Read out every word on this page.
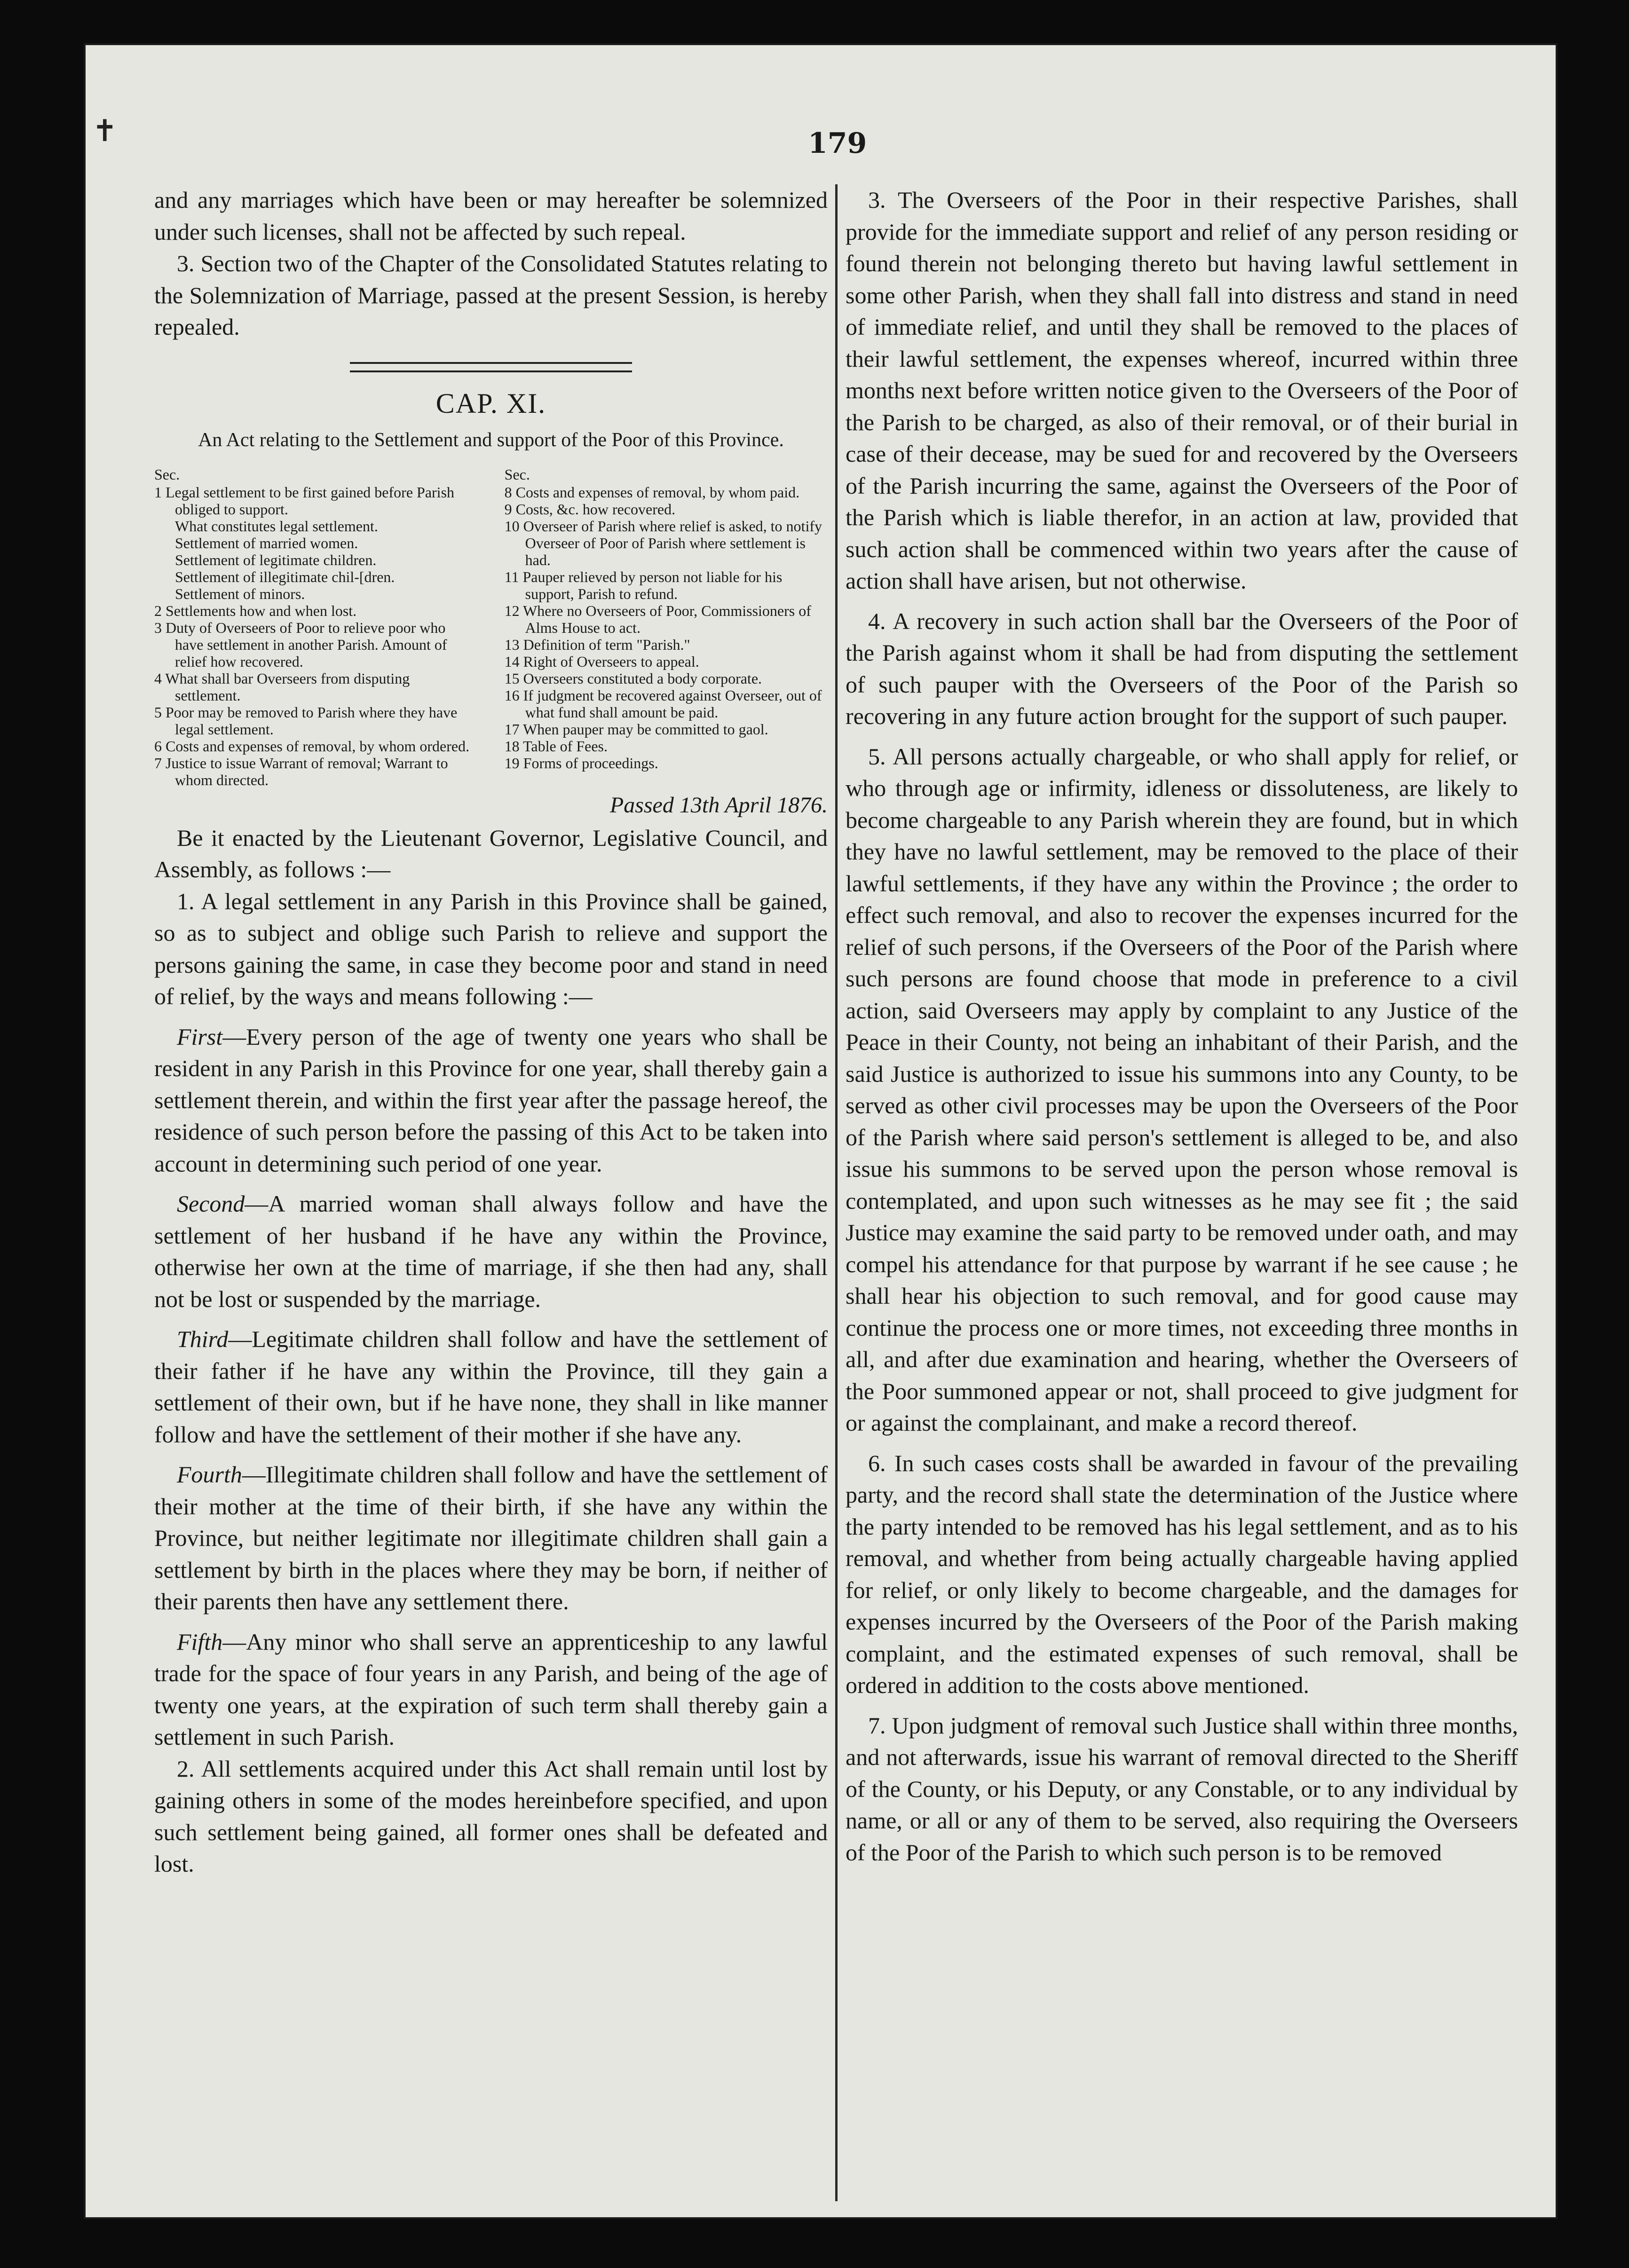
✝	179

and any marriages which have been or may hereafter be solemnized under such licenses, shall not be affected by such repeal.

3. Section two of the Chapter of the Consolidated Statutes relating to the Solemnization of Marriage, passed at the present Session, is hereby repealed.

CAP. XI.
An Act relating to the Settlement and support of the Poor of this Province.
Sec.
1 Legal settlement to be first gained before Parish obliged to support.
What constitutes legal settlement.
Settlement of married women.
Settlement of legitimate children.
Settlement of illegitimate chil-[dren.
Settlement of minors.
2 Settlements how and when lost.
3 Duty of Overseers of Poor to relieve poor who have settlement in another Parish. Amount of relief how recovered.
4 What shall bar Overseers from disputing settlement.
5 Poor may be removed to Parish where they have legal settlement.
6 Costs and expenses of removal, by whom ordered.
7 Justice to issue Warrant of removal; Warrant to whom directed.
Sec.
8 Costs and expenses of removal, by whom paid.
9 Costs, &c. how recovered.
10 Overseer of Parish where relief is asked, to notify Overseer of Poor of Parish where settlement is had.
11 Pauper relieved by person not liable for his support, Parish to refund.
12 Where no Overseers of Poor, Commissioners of Alms House to act.
13 Definition of term "Parish."
14 Right of Overseers to appeal.
15 Overseers constituted a body corporate.
16 If judgment be recovered against Overseer, out of what fund shall amount be paid.
17 When pauper may be committed to gaol.
18 Table of Fees.
19 Forms of proceedings.
Passed 13th April 1876.

Be it enacted by the Lieutenant Governor, Legislative Council, and Assembly, as follows :—

1. A legal settlement in any Parish in this Province shall be gained, so as to subject and oblige such Parish to relieve and support the persons gaining the same, in case they become poor and stand in need of relief, by the ways and means following :—

First—Every person of the age of twenty one years who shall be resident in any Parish in this Province for one year, shall thereby gain a settlement therein, and within the first year after the passage hereof, the residence of such person before the passing of this Act to be taken into account in determining such period of one year.

Second—A married woman shall always follow and have the settlement of her husband if he have any within the Province, otherwise her own at the time of marriage, if she then had any, shall not be lost or suspended by the marriage.

Third—Legitimate children shall follow and have the settlement of their father if he have any within the Province, till they gain a settlement of their own, but if he have none, they shall in like manner follow and have the settlement of their mother if she have any.

Fourth—Illegitimate children shall follow and have the settlement of their mother at the time of their birth, if she have any within the Province, but neither legitimate nor illegitimate children shall gain a settlement by birth in the places where they may be born, if neither of their parents then have any settlement there.

Fifth—Any minor who shall serve an apprenticeship to any lawful trade for the space of four years in any Parish, and being of the age of twenty one years, at the expiration of such term shall thereby gain a settlement in such Parish.

2. All settlements acquired under this Act shall remain until lost by gaining others in some of the modes hereinbefore specified, and upon such settlement being gained, all former ones shall be defeated and lost.

3. The Overseers of the Poor in their respective Parishes, shall provide for the immediate support and relief of any person residing or found therein not belonging thereto but having lawful settlement in some other Parish, when they shall fall into distress and stand in need of immediate relief, and until they shall be removed to the places of their lawful settlement, the expenses whereof, incurred within three months next before written notice given to the Overseers of the Poor of the Parish to be charged, as also of their removal, or of their burial in case of their decease, may be sued for and recovered by the Overseers of the Parish incurring the same, against the Overseers of the Poor of the Parish which is liable therefor, in an action at law, provided that such action shall be commenced within two years after the cause of action shall have arisen, but not otherwise.

4. A recovery in such action shall bar the Overseers of the Poor of the Parish against whom it shall be had from disputing the settlement of such pauper with the Overseers of the Poor of the Parish so recovering in any future action brought for the support of such pauper.

5. All persons actually chargeable, or who shall apply for relief, or who through age or infirmity, idleness or dissoluteness, are likely to become chargeable to any Parish wherein they are found, but in which they have no lawful settlement, may be removed to the place of their lawful settlements, if they have any within the Province ; the order to effect such removal, and also to recover the expenses incurred for the relief of such persons, if the Overseers of the Poor of the Parish where such persons are found choose that mode in preference to a civil action, said Overseers may apply by complaint to any Justice of the Peace in their County, not being an inhabitant of their Parish, and the said Justice is authorized to issue his summons into any County, to be served as other civil processes may be upon the Overseers of the Poor of the Parish where said person's settlement is alleged to be, and also issue his summons to be served upon the person whose removal is contemplated, and upon such witnesses as he may see fit ; the said Justice may examine the said party to be removed under oath, and may compel his attendance for that purpose by warrant if he see cause ; he shall hear his objection to such removal, and for good cause may continue the process one or more times, not exceeding three months in all, and after due examination and hearing, whether the Overseers of the Poor summoned appear or not, shall proceed to give judgment for or against the complainant, and make a record thereof.

6. In such cases costs shall be awarded in favour of the prevailing party, and the record shall state the determination of the Justice where the party intended to be removed has his legal settlement, and as to his removal, and whether from being actually chargeable having applied for relief, or only likely to become chargeable, and the damages for expenses incurred by the Overseers of the Poor of the Parish making complaint, and the estimated expenses of such removal, shall be ordered in addition to the costs above mentioned.

7. Upon judgment of removal such Justice shall within three months, and not afterwards, issue his warrant of removal directed to the Sheriff of the County, or his Deputy, or any Constable, or to any individual by name, or all or any of them to be served, also requiring the Overseers of the Poor of the Parish to which such person is to be removed
